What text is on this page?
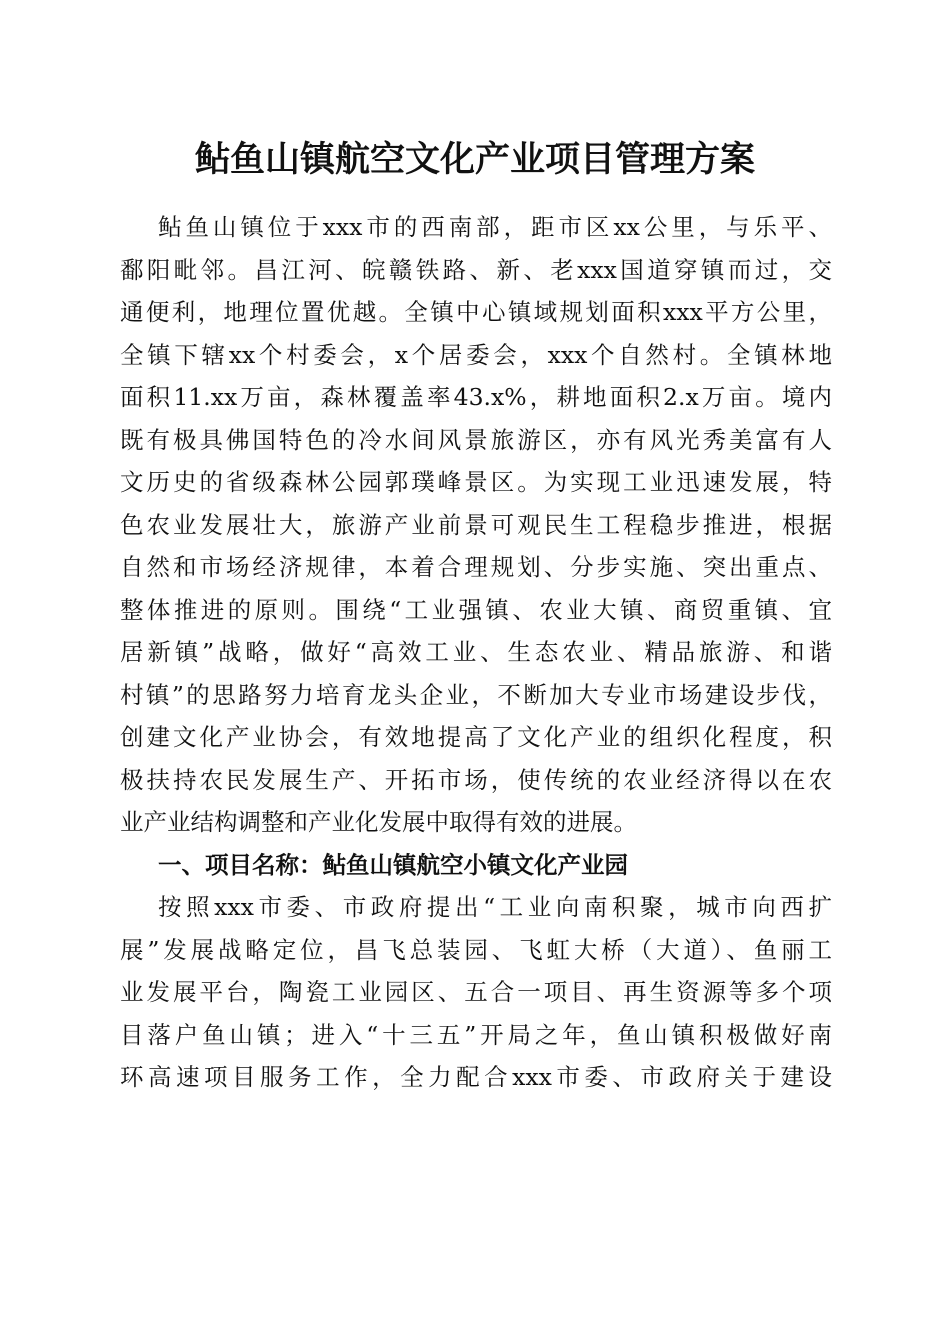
鲇鱼山镇航空文化产业项目管理方案
鲇鱼山镇位于xxx市的西南部，距市区xx公里，与乐平、
鄱阳毗邻。昌江河、皖赣铁路、新、老xxx国道穿镇而过，交
通便利，地理位置优越。全镇中心镇域规划面积xxx平方公里，
全镇下辖xx个村委会，x个居委会，xxx个自然村。全镇林地
面积11.xx万亩，森林覆盖率43.x%，耕地面积2.x万亩。境内
既有极具佛国特色的冷水间风景旅游区，亦有风光秀美富有人
文历史的省级森林公园郭璞峰景区。为实现工业迅速发展，特
色农业发展壮大，旅游产业前景可观民生工程稳步推进，根据
自然和市场经济规律，本着合理规划、分步实施、突出重点、
整体推进的原则。围绕“工业强镇、农业大镇、商贸重镇、宜
居新镇”战略，做好“高效工业、生态农业、精品旅游、和谐
村镇”的思路努力培育龙头企业，不断加大专业市场建设步伐，
创建文化产业协会，有效地提高了文化产业的组织化程度，积
极扶持农民发展生产、开拓市场，使传统的农业经济得以在农
业产业结构调整和产业化发展中取得有效的进展。
一、项目名称：鲇鱼山镇航空小镇文化产业园
按照xxx市委、市政府提出“工业向南积聚，城市向西扩
展”发展战略定位，昌飞总装园、飞虹大桥（大道）、鱼丽工
业发展平台，陶瓷工业园区、五合一项目、再生资源等多个项
目落户鱼山镇；进入“十三五”开局之年，鱼山镇积极做好南
环高速项目服务工作，全力配合xxx市委、市政府关于建设
